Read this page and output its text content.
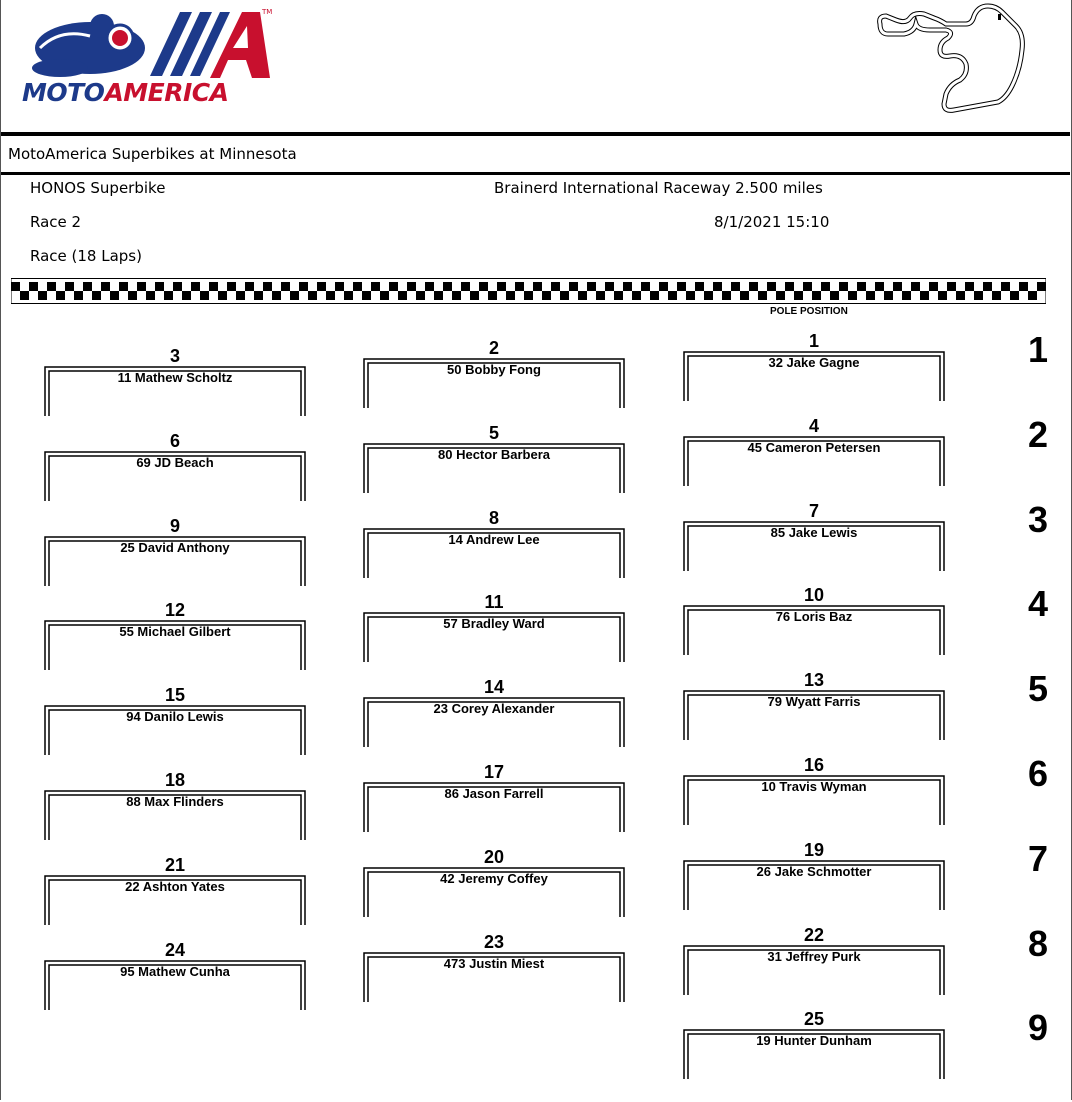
MOTOAMERICA
TM
MotoAmerica Superbikes at Minnesota
HONOS Superbike	Brainerd International Raceway 2.500 miles
Race 2	8/1/2021 15:10
Race (18 Laps)
POLE POSITION
3
11 Mathew Scholtz
2
50 Bobby Fong
1
32 Jake Gagne
6
69 JD Beach
5
80 Hector Barbera
4
45 Cameron Petersen
9
25 David Anthony
8
14 Andrew Lee
7
85 Jake Lewis
12
55 Michael Gilbert
11
57 Bradley Ward
10
76 Loris Baz
15
94 Danilo Lewis
14
23 Corey Alexander
13
79 Wyatt Farris
18
88 Max Flinders
17
86 Jason Farrell
16
10 Travis Wyman
21
22 Ashton Yates
20
42 Jeremy Coffey
19
26 Jake Schmotter
24
95 Mathew Cunha
23
473 Justin Miest
22
31 Jeffrey Purk
25
19 Hunter Dunham
1
2
3
4
5
6
7
8
9
